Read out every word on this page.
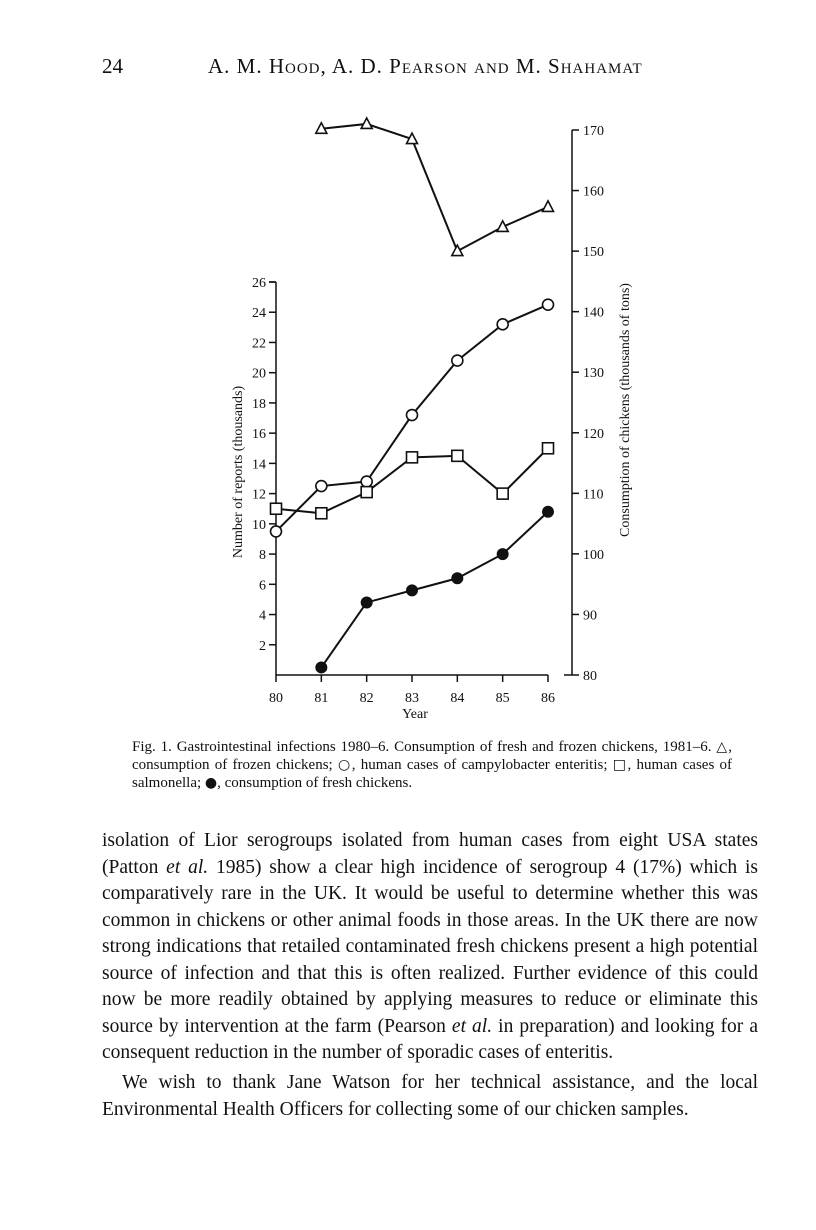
24	A. M. Hood, A. D. Pearson and M. Shahamat
2
4
6
8
10
12
14
16
18
20
22
24
26
80 81 82 83 84 85 86
80
90
100
110
120
130
140
150
160
170
Year
Number of reports (thousands)	Consumption of chickens (thousands of tons)
Fig. 1. Gastrointestinal infections 1980–6. Consumption of fresh and frozen chickens, 1981–6. △, consumption of frozen chickens; ○, human cases of campylobacter enteritis; □, human cases of salmonella; ●, consumption of fresh chickens.

isolation of Lior serogroups isolated from human cases from eight USA states (Patton et al. 1985) show a clear high incidence of serogroup 4 (17%) which is comparatively rare in the UK. It would be useful to determine whether this was common in chickens or other animal foods in those areas. In the UK there are now strong indications that retailed contaminated fresh chickens present a high potential source of infection and that this is often realized. Further evidence of this could now be more readily obtained by applying measures to reduce or eliminate this source by intervention at the farm (Pearson et al. in preparation) and looking for a consequent reduction in the number of sporadic cases of enteritis.

We wish to thank Jane Watson for her technical assistance, and the local Environmental Health Officers for collecting some of our chicken samples.
